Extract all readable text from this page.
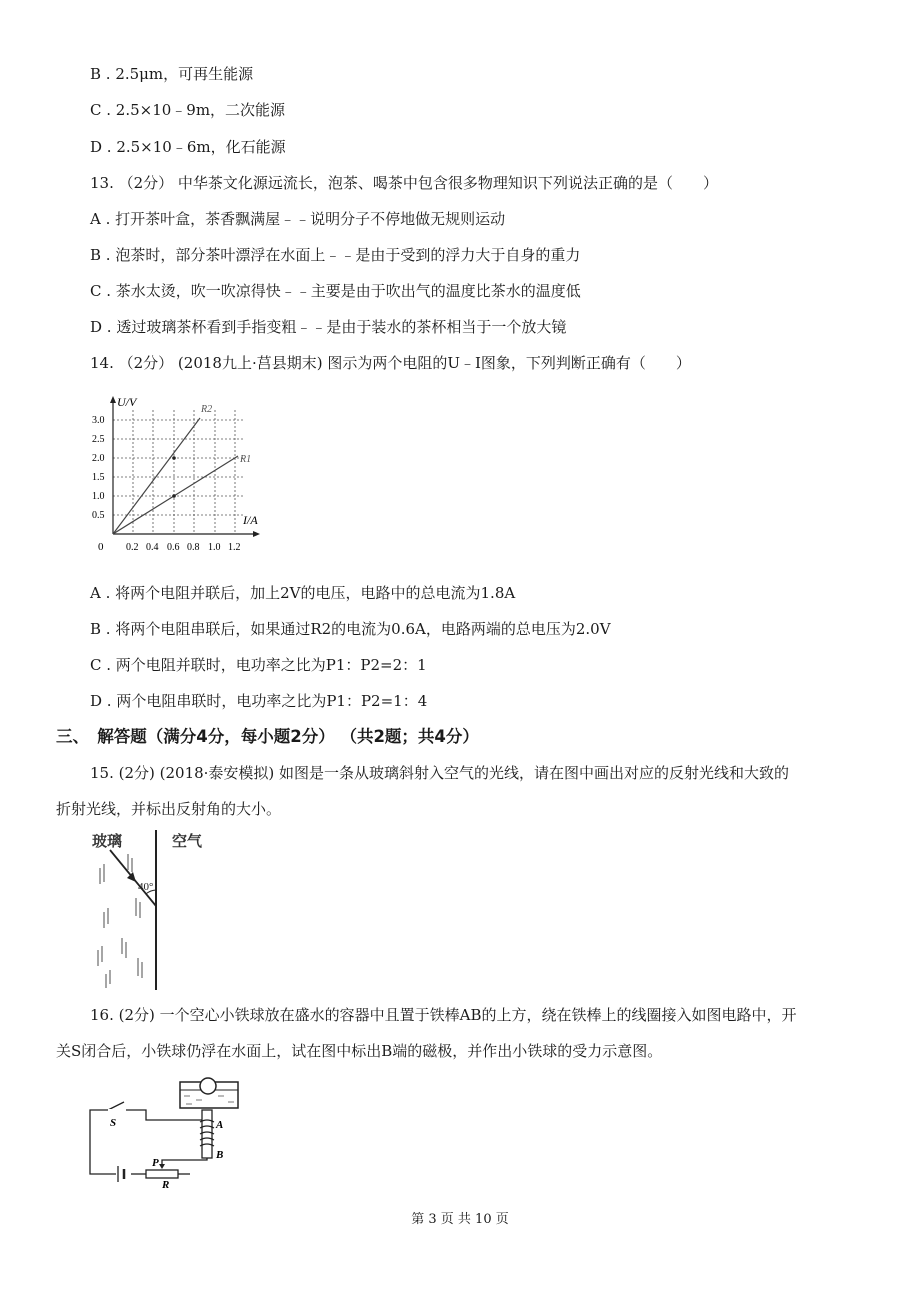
B . 2.5μm，可再生能源
C . 2.5×10﹣9m，二次能源
D . 2.5×10﹣6m，化石能源
13. （2分） 中华茶文化源远流长，泡茶、喝茶中包含很多物理知识下列说法正确的是（　　）
A . 打开茶叶盒，茶香飘满屋﹣﹣说明分子不停地做无规则运动
B . 泡茶时，部分茶叶漂浮在水面上﹣﹣是由于受到的浮力大于自身的重力
C . 茶水太烫，吹一吹凉得快﹣﹣主要是由于吹出气的温度比茶水的温度低
D . 透过玻璃茶杯看到手指变粗﹣﹣是由于装水的茶杯相当于一个放大镜
14. （2分） (2018九上·莒县期末) 图示为两个电阻的U﹣I图象，下列判断正确有（　　）
U/V
I/A
R2
R1
0
0.5
1.0
1.5
2.0
2.5
3.0
0.2 0.4 0.6 0.8 1.0 1.2
A . 将两个电阻并联后，加上2V的电压，电路中的总电流为1.8A
B . 将两个电阻串联后，如果通过R2的电流为0.6A，电路两端的总电压为2.0V
C . 两个电阻并联时，电功率之比为P1：P2=2：1
D . 两个电阻串联时，电功率之比为P1：P2=1：4
三、　解答题（满分4分，每小题2分） （共2题；共4分）
15. (2分) (2018·泰安模拟) 如图是一条从玻璃斜射入空气的光线，请在图中画出对应的反射光线和大致的
折射光线，并标出反射角的大小。
玻璃	空气
40°
16. (2分) 一个空心小铁球放在盛水的容器中且置于铁棒AB的上方，绕在铁棒上的线圈接入如图电路中，开
关S闭合后，小铁球仍浮在水面上，试在图中标出B端的磁极，并作出小铁球的受力示意图。
A
B
S
P
R
第 3 页 共 10 页
